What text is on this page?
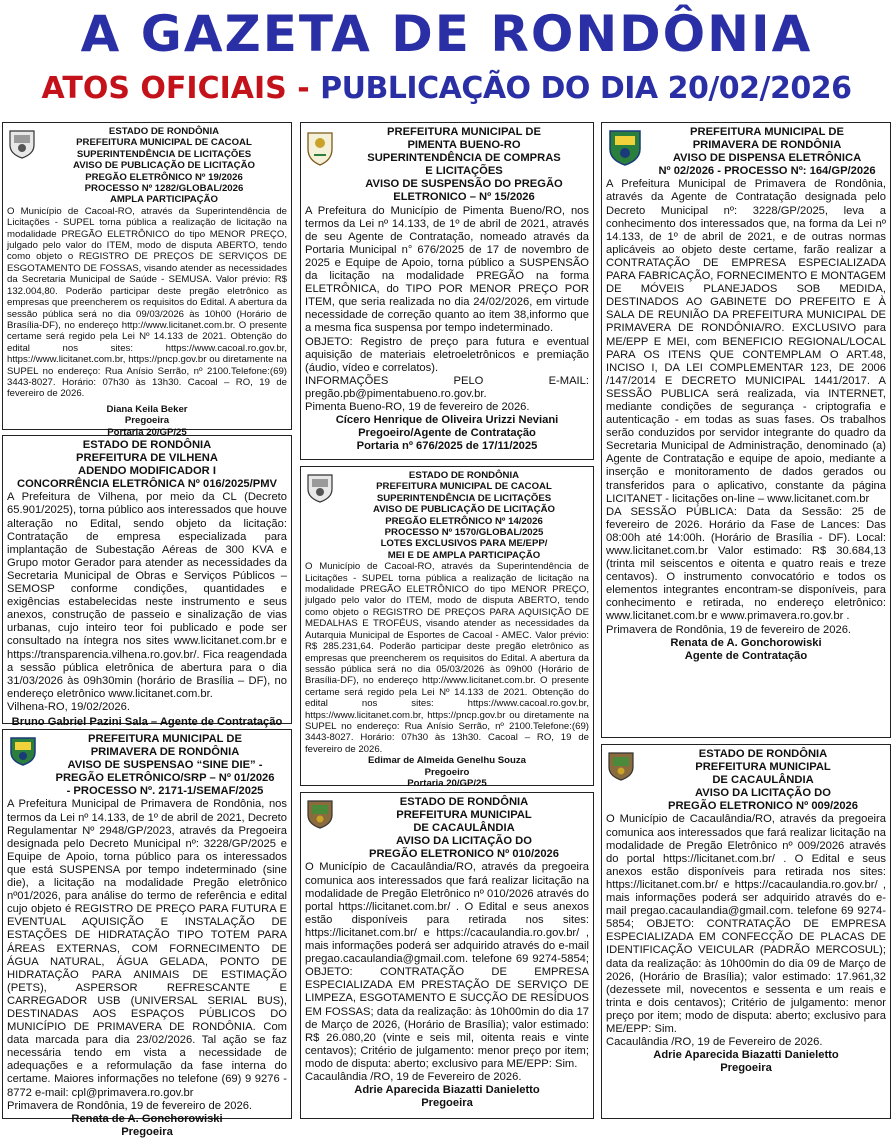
A GAZETA DE RONDÔNIA
ATOS OFICIAIS - PUBLICAÇÃO DO DIA 20/02/2026
ESTADO DE RONDÔNIA
PREFEITURA MUNICIPAL DE CACOAL
SUPERINTENDÊNCIA DE LICITAÇÕES
AVISO DE PUBLICAÇÃO DE LICITAÇÃO
PREGÃO ELETRÔNICO Nº 19/2026
PROCESSO Nº 1282/GLOBAL/2026
AMPLA PARTICIPAÇÃO

O Município de Cacoal-RO, através da Superintendência de Licitações - SUPEL torna pública a realização de licitação na modalidade PREGÃO ELETRÔNICO do tipo MENOR PREÇO, julgado pelo valor do ITEM, modo de disputa ABERTO, tendo como objeto o REGISTRO DE PREÇOS DE SERVIÇOS DE ESGOTAMENTO DE FOSSAS, visando atender as necessidades da Secretaria Municipal de Saúde - SEMUSA. Valor prévio: R$ 132.004,80. Poderão participar deste pregão eletrônico as empresas que preencherem os requisitos do Edital. A abertura da sessão pública será no dia 09/03/2026 às 10h00 (Horário de Brasília-DF), no endereço http://www.licitanet.com.br. O presente certame será regido pela Lei Nº 14.133 de 2021. Obtenção do edital nos sites: https://www.cacoal.ro.gov.br, https://www.licitanet.com.br, https://pncp.gov.br ou diretamente na SUPEL no endereço: Rua Anísio Serrão, nº 2100.Telefone:(69) 3443-8027. Horário: 07h30 às 13h30. Cacoal – RO, 19 de fevereiro de 2026.

Diana Keila Beker
Pregoeira
Portaria 20/GP/25
ESTADO DE RONDÔNIA
PREFEITURA DE VILHENA
ADENDO MODIFICADOR I
CONCORRÊNCIA ELETRÔNICA Nº 016/2025/PMV

A Prefeitura de Vilhena, por meio da CL (Decreto 65.901/2025), torna público aos interessados que houve alteração no Edital, sendo objeto da licitação: Contratação de empresa especializada para implantação de Subestação Aéreas de 300 KVA e Grupo motor Gerador para atender as necessidades da Secretaria Municipal de Obras e Serviços Públicos – SEMOSP conforme condições, quantidades e exigências estabelecidas neste instrumento e seus anexos, construção de passeio e sinalização de vias urbanas, cujo inteiro teor foi publicado e pode ser consultado na íntegra nos sites www.licitanet.com.br e https://transparencia.vilhena.ro.gov.br/. Fica reagendada a sessão pública eletrônica de abertura para o dia 31/03/2026 às 09h30min (horário de Brasília – DF), no endereço eletrônico www.licitanet.com.br.

Vilhena-RO, 19/02/2026.
Bruno Gabriel Pazini Sala – Agente de Contratação
PREFEITURA MUNICIPAL DE
PRIMAVERA DE RONDÔNIA
AVISO DE SUSPENSAO “SINE DIE” -
PREGÃO ELETRÔNICO/SRP – Nº 01/2026
- PROCESSO Nº. 2171-1/SEMAF/2025

A Prefeitura Municipal de Primavera de Rondônia, nos termos da Lei nº 14.133, de 1º de abril de 2021, Decreto Regulamentar Nº 2948/GP/2023, através da Pregoeira designada pelo Decreto Municipal nº: 3228/GP/2025 e Equipe de Apoio, torna público para os interessados que está SUSPENSA por tempo indeterminado (sine die), a licitação na modalidade Pregão eletrônico nº01/2026, para análise do termo de referência e edital cujo objeto é REGISTRO DE PREÇO PARA FUTURA E EVENTUAL AQUISIÇÃO E INSTALAÇÃO DE ESTAÇÕES DE HIDRATAÇÃO TIPO TOTEM PARA ÁREAS EXTERNAS, COM FORNECIMENTO DE ÁGUA NATURAL, ÁGUA GELADA, PONTO DE HIDRATAÇÃO PARA ANIMAIS DE ESTIMAÇÃO (PETS), ASPERSOR REFRESCANTE E CARREGADOR USB (UNIVERSAL SERIAL BUS), DESTINADAS AOS ESPAÇOS PÚBLICOS DO MUNICÍPIO DE PRIMAVERA DE RONDÔNIA. Com data marcada para dia 23/02/2026. Tal ação se faz necessária tendo em vista a necessidade de adequações e a reformulação da fase interna do certame. Maiores informações no telefone (69) 9 9276 - 8772 e-mail: cpl@primavera.ro.gov.br

Primavera de Rondônia, 19 de fevereiro de 2026.
Renata de A. Gonchorowiski
Pregoeira
PREFEITURA MUNICIPAL DE
PIMENTA BUENO-RO
SUPERINTENDÊNCIA DE COMPRAS
E LICITAÇÕES
AVISO DE SUSPENSÃO DO PREGÃO
ELETRONICO – Nº 15/2026

A Prefeitura do Município de Pimenta Bueno/RO, nos termos da Lei nº 14.133, de 1º de abril de 2021, através de seu Agente de Contratação, nomeado através da Portaria Municipal n° 676/2025 de 17 de novembro de 2025 e Equipe de Apoio, torna público a SUSPENSÃO da licitação na modalidade PREGÃO na forma ELETRÔNICA, do TIPO POR MENOR PREÇO POR ITEM, que seria realizada no dia 24/02/2026, em virtude necessidade de correção quanto ao item 38,informo que a mesma fica suspensa por tempo indeterminado.

OBJETO: Registro de preço para futura e eventual aquisição de materiais eletroeletrônicos e premiação (áudio, vídeo e correlatos).

INFORMAÇÕES PELO E-MAIL: pregão.pb@pimentabueno.ro.gov.br.

Pimenta Bueno-RO, 19 de fevereiro de 2026.
Cícero Henrique de Oliveira Urizzi Neviani
Pregoeiro/Agente de Contratação
Portaria nº 676/2025 de 17/11/2025
ESTADO DE RONDÔNIA
PREFEITURA MUNICIPAL DE CACOAL
SUPERINTENDÊNCIA DE LICITAÇÕES
AVISO DE PUBLICAÇÃO DE LICITAÇÃO
PREGÃO ELETRÔNICO Nº 14/2026
PROCESSO Nº 1570/GLOBAL/2025
LOTES EXCLUSIVOS PARA ME/EPP/
MEI E DE AMPLA PARTICIPAÇÃO

O Município de Cacoal-RO, através da Superintendência de Licitações - SUPEL torna pública a realização de licitação na modalidade PREGÃO ELETRÔNICO do tipo MENOR PREÇO, julgado pelo valor do ITEM, modo de disputa ABERTO, tendo como objeto o REGISTRO DE PREÇOS PARA AQUISIÇÃO DE MEDALHAS E TROFÉUS, visando atender as necessidades da Autarquia Municipal de Esportes de Cacoal - AMEC. Valor prévio: R$ 285.231,64. Poderão participar deste pregão eletrônico as empresas que preencherem os requisitos do Edital. A abertura da sessão pública será no dia 05/03/2026 às 09h00 (Horário de Brasília-DF), no endereço http://www.licitanet.com.br. O presente certame será regido pela Lei Nº 14.133 de 2021. Obtenção do edital nos sites: https://www.cacoal.ro.gov.br, https://www.licitanet.com.br, https://pncp.gov.br ou diretamente na SUPEL no endereço: Rua Anísio Serrão, nº 2100.Telefone:(69) 3443-8027. Horário: 07h30 às 13h30. Cacoal – RO, 19 de fevereiro de 2026.

Edimar de Almeida Genelhu Souza
Pregoeiro
Portaria 20/GP/25
ESTADO DE RONDÔNIA
PREFEITURA MUNICIPAL
DE CACAULÂNDIA
AVISO DA LICITAÇÃO DO
PREGÃO ELETRONICO Nº 010/2026

O Município de Cacaulândia/RO, através da pregoeira comunica aos interessados que fará realizar licitação na modalidade de Pregão Eletrônico nº 010/2026 através do portal https://licitanet.com.br/ . O Edital e seus anexos estão disponíveis para retirada nos sites: https://licitanet.com.br/ e https://cacaulandia.ro.gov.br/ , mais informações poderá ser adquirido através do e-mail pregao.cacaulandia@gmail.com. telefone 69 9274-5854; OBJETO: CONTRATAÇÃO DE EMPRESA ESPECIALIZADA EM PRESTAÇÃO DE SERVIÇO DE LIMPEZA, ESGOTAMENTO E SUCÇÃO DE RESÍDUOS EM FOSSAS; data da realização: às 10h00min do dia 17 de Março de 2026, (Horário de Brasília); valor estimado: R$ 26.080,20 (vinte e seis mil, oitenta reais e vinte centavos); Critério de julgamento: menor preço por item; modo de disputa: aberto; exclusivo para ME/EPP: Sim.

Cacaulândia /RO, 19 de Fevereiro de 2026.
Adrie Aparecida Biazatti Danieletto
Pregoeira
PREFEITURA MUNICIPAL DE
PRIMAVERA DE RONDÔNIA
AVISO DE DISPENSA ELETRÔNICA
Nº 02/2026 - PROCESSO Nº: 164/GP/2026

A Prefeitura Municipal de Primavera de Rondônia, através da Agente de Contratação designada pelo Decreto Municipal nº: 3228/GP/2025, leva a conhecimento dos interessados que, na forma da Lei nº 14.133, de 1º de abril de 2021, e de outras normas aplicáveis ao objeto deste certame, farão realizar a CONTRATAÇÃO DE EMPRESA ESPECIALIZADA PARA FABRICAÇÃO, FORNECIMENTO E MONTAGEM DE MÓVEIS PLANEJADOS SOB MEDIDA, DESTINADOS AO GABINETE DO PREFEITO E À SALA DE REUNIÃO DA PREFEITURA MUNICIPAL DE PRIMAVERA DE RONDÔNIA/RO. EXCLUSIVO para ME/EPP E MEI, com BENEFICIO REGIONAL/LOCAL PARA OS ITENS QUE CONTEMPLAM O ART.48, INCISO I, DA LEI COMPLEMENTAR 123, DE 2006 /147/2014 E DECRETO MUNICIPAL 1441/2017. A SESSÃO PUBLICA será realizada, via INTERNET, mediante condições de segurança - criptografia e autenticação - em todas as suas fases. Os trabalhos serão conduzidos por servidor integrante do quadro da Secretaria Municipal de Administração, denominado (a) Agente de Contratação e equipe de apoio, mediante a inserção e monitoramento de dados gerados ou transferidos para o aplicativo, constante da página LICITANET - licitações on-line – www.licitanet.com.br

DA SESSÃO PÚBLICA: Data da Sessão: 25 de fevereiro de 2026. Horário da Fase de Lances: Das 08:00h até 14:00h. (Horário de Brasília - DF). Local: www.licitanet.com.br Valor estimado: R$ 30.684,13 (trinta mil seiscentos e oitenta e quatro reais e treze centavos). O instrumento convocatório e todos os elementos integrantes encontram-se disponíveis, para conhecimento e retirada, no endereço eletrônico: www.licitanet.com.br e www.primavera.ro.gov.br .

Primavera de Rondônia, 19 de fevereiro de 2026.
Renata de A. Gonchorowiski
Agente de Contratação
ESTADO DE RONDÔNIA
PREFEITURA MUNICIPAL
DE CACAULÂNDIA
AVISO DA LICITAÇÃO DO
PREGÃO ELETRONICO Nº 009/2026

O Município de Cacaulândia/RO, através da pregoeira comunica aos interessados que fará realizar licitação na modalidade de Pregão Eletrônico nº 009/2026 através do portal https://licitanet.com.br/ . O Edital e seus anexos estão disponíveis para retirada nos sites: https://licitanet.com.br/ e https://cacaulandia.ro.gov.br/ , mais informações poderá ser adquirido através do e-mail pregao.cacaulandia@gmail.com. telefone 69 9274-5854; OBJETO: CONTRATAÇÃO DE EMPRESA ESPECIALIZADA EM CONFECÇÃO DE PLACAS DE IDENTIFICAÇÃO VEICULAR (PADRÃO MERCOSUL); data da realização: às 10h00min do dia 09 de Março de 2026, (Horário de Brasília); valor estimado: 17.961,32 (dezessete mil, novecentos e sessenta e um reais e trinta e dois centavos); Critério de julgamento: menor preço por item; modo de disputa: aberto; exclusivo para ME/EPP: Sim.

Cacaulândia /RO, 19 de Fevereiro de 2026.
Adrie Aparecida Biazatti Danieletto
Pregoeira
